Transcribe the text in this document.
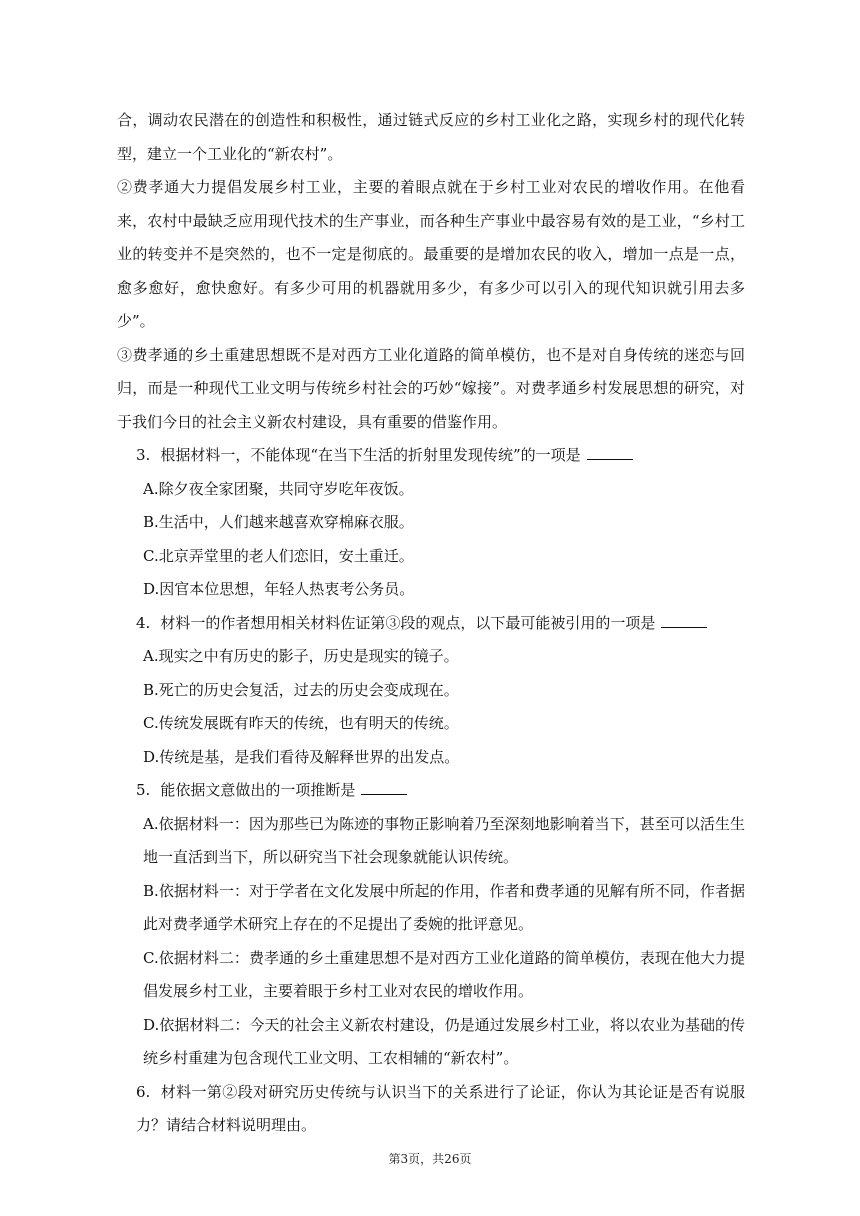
合，调动农民潜在的创造性和积极性，通过链式反应的乡村工业化之路，实现乡村的现代化转型，建立一个工业化的“新农村”。

②费孝通大力提倡发展乡村工业，主要的着眼点就在于乡村工业对农民的增收作用。在他看来，农村中最缺乏应用现代技术的生产事业，而各种生产事业中最容易有效的是工业，“乡村工业的转变并不是突然的，也不一定是彻底的。最重要的是增加农民的收入，增加一点是一点，愈多愈好，愈快愈好。有多少可用的机器就用多少，有多少可以引入的现代知识就引用去多少”。

③费孝通的乡土重建思想既不是对西方工业化道路的简单模仿，也不是对自身传统的迷恋与回归，而是一种现代工业文明与传统乡村社会的巧妙“嫁接”。对费孝通乡村发展思想的研究，对于我们今日的社会主义新农村建设，具有重要的借鉴作用。

3. 根据材料一，不能体现“在当下生活的折射里发现传统”的一项是

A.除夕夜全家团聚，共同守岁吃年夜饭。

B.生活中，人们越来越喜欢穿棉麻衣服。

C.北京弄堂里的老人们恋旧，安土重迁。

D.因官本位思想，年轻人热衷考公务员。

4. 材料一的作者想用相关材料佐证第③段的观点，以下最可能被引用的一项是

A.现实之中有历史的影子，历史是现实的镜子。

B.死亡的历史会复活，过去的历史会变成现在。

C.传统发展既有昨天的传统，也有明天的传统。

D.传统是基，是我们看待及解释世界的出发点。

5. 能依据文意做出的一项推断是

A.依据材料一：因为那些已为陈迹的事物正影响着乃至深刻地影响着当下，甚至可以活生生地一直活到当下，所以研究当下社会现象就能认识传统。

B.依据材料一：对于学者在文化发展中所起的作用，作者和费孝通的见解有所不同，作者据此对费孝通学术研究上存在的不足提出了委婉的批评意见。

C.依据材料二：费孝通的乡土重建思想不是对西方工业化道路的简单模仿，表现在他大力提倡发展乡村工业，主要着眼于乡村工业对农民的增收作用。

D.依据材料二：今天的社会主义新农村建设，仍是通过发展乡村工业，将以农业为基础的传统乡村重建为包含现代工业文明、工农相辅的“新农村”。

6. 材料一第②段对研究历史传统与认识当下的关系进行了论证，你认为其论证是否有说服力？请结合材料说明理由。

第3页，共26页
